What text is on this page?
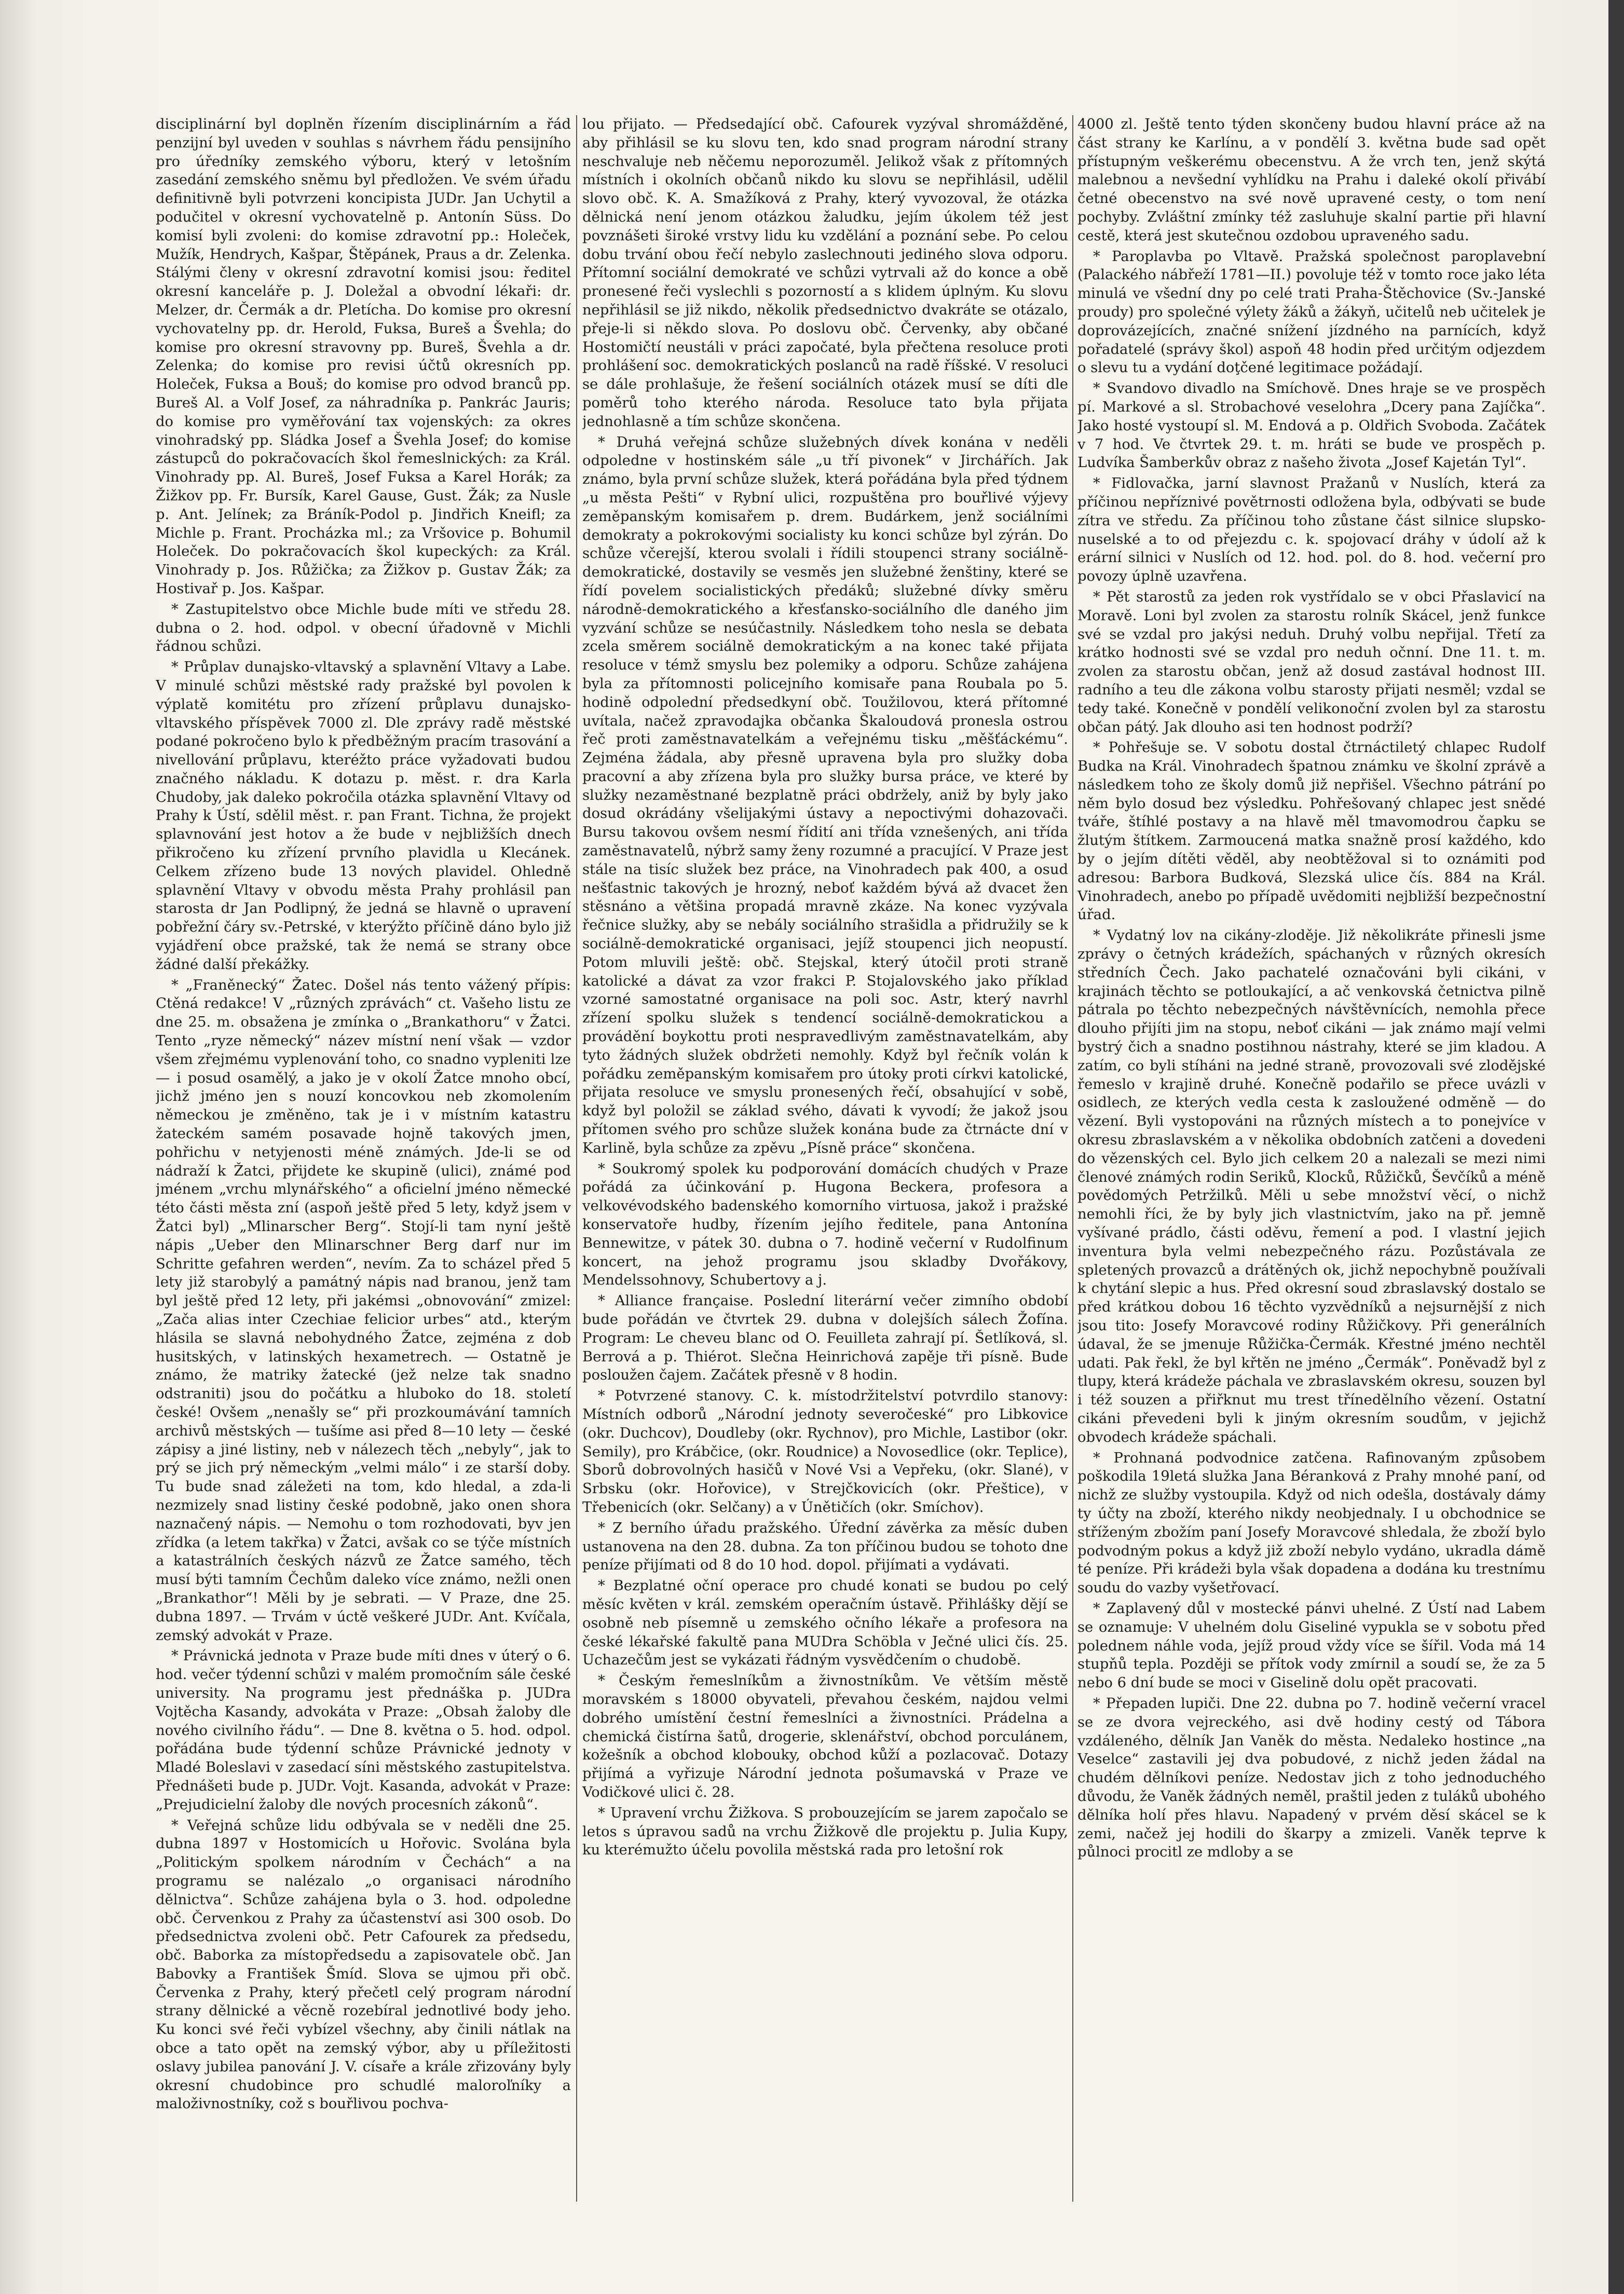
disciplinární byl doplněn řízením disciplinárním a řád penzijní byl uveden v souhlas s návrhem řádu pensijního pro úředníky zemského výboru, který v letošním zasedání zemského sněmu byl předložen. Ve svém úřadu definitivně byli potvrzeni koncipista JUDr. Jan Uchytil a podučitel v okresní vychovatelně p. Antonín Süss. Do komisí byli zvoleni: do komise zdravotní pp.: Holeček, Mužík, Hendrych, Kašpar, Štěpánek, Praus a dr. Zelenka. Stálými členy v okresní zdravotní komisi jsou: ředitel okresní kanceláře p. J. Doležal a obvodní lékaři: dr. Melzer, dr. Čermák a dr. Pletícha. Do komise pro okresní vychovatelny pp. dr. Herold, Fuksa, Bureš a Švehla; do komise pro okresní stravovny pp. Bureš, Švehla a dr. Zelenka; do komise pro revisi účtů okresních pp. Holeček, Fuksa a Bouš; do komise pro odvod branců pp. Bureš Al. a Volf Josef, za náhradníka p. Pankrác Jauris; do komise pro vyměřování tax vojenských: za okres vinohradský pp. Sládka Josef a Švehla Josef; do komise zástupců do pokračovacích škol řemeslnických: za Král. Vinohrady pp. Al. Bureš, Josef Fuksa a Karel Horák; za Žižkov pp. Fr. Bursík, Karel Gause, Gust. Žák; za Nusle p. Ant. Jelínek; za Bráník-Podol p. Jindřich Kneifl; za Michle p. Frant. Procházka ml.; za Vršovice p. Bohumil Holeček. Do pokračovacích škol kupeckých: za Král. Vinohrady p. Jos. Růžička; za Žižkov p. Gustav Žák; za Hostivař p. Jos. Kašpar.

* Zastupitelstvo obce Michle bude míti ve středu 28. dubna o 2. hod. odpol. v obecní úřadovně v Michli řádnou schůzi.

* Průplav dunajsko-vltavský a splavnění Vltavy a Labe. V minulé schůzi městské rady pražské byl povolen k výplatě komitétu pro zřízení průplavu dunajsko-vltavského příspěvek 7000 zl. Dle zprávy radě městské podané pokročeno bylo k předběžným pracím trasování a nivellování průplavu, kteréžto práce vyžadovati budou značného nákladu. K dotazu p. měst. r. dra Karla Chudoby, jak daleko pokročila otázka splavnění Vltavy od Prahy k Ústí, sdělil měst. r. pan Frant. Tichna, že projekt splavnování jest hotov a že bude v nejbližších dnech přikročeno ku zřízení prvního plavidla u Klecánek. Celkem zřízeno bude 13 nových plavidel. Ohledně splavnění Vltavy v obvodu města Prahy prohlásil pan starosta dr Jan Podlipný, že jedná se hlavně o upravení pobřežní čáry sv.-Petrské, v kterýžto příčině dáno bylo již vyjádření obce pražské, tak že nemá se strany obce žádné další překážky.

* „Franěnecký“ Žatec. Došel nás tento vážený přípis: Ctěná redakce! V „různých zprávách“ ct. Vašeho listu ze dne 25. m. obsažena je zmínka o „Brankathoru“ v Žatci. Tento „ryze německý“ název místní není však — vzdor všem zřejmému vyplenování toho, co snadno vypleniti lze — i posud osamělý, a jako je v okolí Žatce mnoho obcí, jichž jméno jen s nouzí koncovkou neb zkomolením německou je změněno, tak je i v místním katastru žateckém samém posavade hojně takových jmen, pohřichu v netyjenosti méně známých. Jde-li se od nádraží k Žatci, přijdete ke skupině (ulici), známé pod jménem „vrchu mlynářského“ a oficielní jméno německé této části města zní (aspoň ještě před 5 lety, když jsem v Žatci byl) „Mlinarscher Berg“. Stojí-li tam nyní ještě nápis „Ueber den Mlinarschner Berg darf nur im Schritte gefahren werden“, nevím. Za to scházel před 5 lety již starobylý a památný nápis nad branou, jenž tam byl ještě před 12 lety, při jakémsi „obnovování“ zmizel: „Zača alias inter Czechiae felicior urbes“ atd., kterým hlásila se slavná nebohydného Žatce, zejména z dob husitských, v latinských hexametrech. — Ostatně je známo, že matriky žatecké (jež nelze tak snadno odstraniti) jsou do počátku a hluboko do 18. století české! Ovšem „nenašly se“ při prozkoumávání tamních archivů městských — tušíme asi před 8—10 lety — české zápisy a jiné listiny, neb v nálezech těch „nebyly“, jak to prý se jich prý německým „velmi málo“ i ze starší doby. Tu bude snad záležeti na tom, kdo hledal, a zda-li nezmizely snad listiny české podobně, jako onen shora naznačený nápis. — Nemohu o tom rozhodovati, byv jen zřídka (a letem takřka) v Žatci, avšak co se týče místních a katastrálních českých názvů ze Žatce samého, těch musí býti tamním Čechům daleko více známo, nežli onen „Brankathor“! Měli by je sebrati. — V Praze, dne 25. dubna 1897. — Trvám v úctě veškeré JUDr. Ant. Kvíčala, zemský advokát v Praze.

* Právnická jednota v Praze bude míti dnes v úterý o 6. hod. večer týdenní schůzi v malém promočním sále české university. Na programu jest přednáška p. JUDra Vojtěcha Kasandy, advokáta v Praze: „Obsah žaloby dle nového civilního řádu“. — Dne 8. května o 5. hod. odpol. pořádána bude týdenní schůze Právnické jednoty v Mladé Boleslavi v zasedací síni městského zastupitelstva. Přednášeti bude p. JUDr. Vojt. Kasanda, advokát v Praze: „Prejudicielní žaloby dle nových procesních zákonů“.

* Veřejná schůze lidu odbývala se v neděli dne 25. dubna 1897 v Hostomicích u Hořovic. Svolána byla „Politickým spolkem národním v Čechách“ a na programu se nalézalo „o organisaci národního dělnictva“. Schůze zahájena byla o 3. hod. odpoledne obč. Červenkou z Prahy za účastenství asi 300 osob. Do předsednictva zvoleni obč. Petr Cafourek za předsedu, obč. Baborka za místopředsedu a zapisovatele obč. Jan Babovky a František Šmíd. Slova se ujmou při obč. Červenka z Prahy, který přečetl celý program národní strany dělnické a věcně rozebíral jednotlivé body jeho. Ku konci své řeči vybízel všechny, aby činili nátlak na obce a tato opět na zemský výbor, aby u příležitosti oslavy jubilea panování J. V. císaře a krále zřizovány byly okresní chudobince pro schudlé maloroľníky a maloživnostníky, což s bouřlivou pochva-

lou přijato. — Předsedající obč. Cafourek vyzýval shromážděné, aby přihlásil se ku slovu ten, kdo snad program národní strany neschvaluje neb něčemu neporozuměl. Jelikož však z přítomných místních i okolních občanů nikdo ku slovu se nepřihlásil, udělil slovo obč. K. A. Smažíková z Prahy, který vyvozoval, že otázka dělnická není jenom otázkou žaludku, jejím úkolem též jest povznášeti široké vrstvy lidu ku vzdělání a poznání sebe. Po celou dobu trvání obou řečí nebylo zaslechnouti jediného slova odporu. Přítomní sociální demokraté ve schůzi vytrvali až do konce a obě pronesené řeči vyslechli s pozorností a s klidem úplným. Ku slovu nepřihlásil se již nikdo, několik předsednictvo dvakráte se otázalo, přeje-li si někdo slova. Po doslovu obč. Červenky, aby občané Hostomičtí neustáli v práci započaté, byla přečtena resoluce proti prohlášení soc. demokratických poslanců na radě říšské. V resoluci se dále prohlašuje, že řešení sociálních otázek musí se díti dle poměrů toho kterého národa. Resoluce tato byla přijata jednohlasně a tím schůze skončena.

* Druhá veřejná schůze služebných dívek konána v neděli odpoledne v hostinském sále „u tří pivonek“ v Jirchářích. Jak známo, byla první schůze služek, která pořádána byla před týdnem „u města Pešti“ v Rybní ulici, rozpuštěna pro bouřlivé výjevy zeměpanským komisařem p. drem. Budárkem, jenž sociálními demokraty a pokrokovými socialisty ku konci schůze byl zýrán. Do schůze včerejší, kterou svolali i řídili stoupenci strany sociálně-demokratické, dostavily se vesměs jen služebné ženštiny, které se řídí povelem socialistických předáků; služebné dívky směru národně-demokratického a křesťansko-sociálního dle daného jim vyzvání schůze se nesúčastnily. Následkem toho nesla se debata zcela směrem sociálně demokratickým a na konec také přijata resoluce v témž smyslu bez polemiky a odporu. Schůze zahájena byla za přítomnosti policejního komisaře pana Roubala po 5. hodině odpolední předsedkyní obč. Toužilovou, která přítomné uvítala, načež zpravodajka občanka Škaloudová pronesla ostrou řeč proti zaměstnavatelkám a veřejnému tisku „měšťáckému“. Zejména žádala, aby přesně upravena byla pro služky doba pracovní a aby zřízena byla pro služky bursa práce, ve které by služky nezaměstnané bezplatně práci obdržely, aniž by byly jako dosud okrádány všelijakými ústavy a nepoctivými dohazovači. Bursu takovou ovšem nesmí řídití ani třída vznešených, ani třída zaměstnavatelů, nýbrž samy ženy rozumné a pracující. V Praze jest stále na tisíc služek bez práce, na Vinohradech pak 400, a osud nešťastnic takových je hrozný, neboť každém bývá až dvacet žen stěsnáno a většina propadá mravně zkáze. Na konec vyzývala řečnice služky, aby se nebály sociálního strašidla a přidružily se k sociálně-demokratické organisaci, jejíž stoupenci jich neopustí. Potom mluvili ještě: obč. Stejskal, který útočil proti straně katolické a dávat za vzor frakci P. Stojalovského jako příklad vzorné samostatné organisace na poli soc. Astr, který navrhl zřízení spolku služek s tendencí sociálně-demokratickou a provádění boykottu proti nespravedlivým zaměstnavatelkám, aby tyto žádných služek obdržeti nemohly. Když byl řečník volán k pořádku zeměpanským komisařem pro útoky proti církvi katolické, přijata resoluce ve smyslu pronesených řečí, obsahující v sobě, když byl položil se základ svého, dávati k vyvodí; že jakož jsou přítomen svého pro schůze služek konána bude za čtrnácte dní v Karlině, byla schůze za zpěvu „Písně práce“ skončena.

* Soukromý spolek ku podporování domácích chudých v Praze pořádá za účinkování p. Hugona Beckera, profesora a velkovévodského badenského komorního virtuosa, jakož i pražské konservatoře hudby, řízením jejího ředitele, pana Antonína Bennewitze, v pátek 30. dubna o 7. hodině večerní v Rudolfinum koncert, na jehož programu jsou skladby Dvořákovy, Mendelssohnovy, Schubertovy a j.

* Alliance française. Poslední literární večer zimního období bude pořádán ve čtvrtek 29. dubna v dolejších sálech Žofína. Program: Le cheveu blanc od O. Feuilleta zahrají pí. Šetlíková, sl. Berrová a p. Thiérot. Slečna Heinrichová zapěje tři písně. Bude posloužen čajem. Začátek přesně v 8 hodin.

* Potvrzené stanovy. C. k. místodržitelství potvrdilo stanovy: Místních odborů „Národní jednoty severočeské“ pro Libkovice (okr. Duchcov), Doudleby (okr. Rychnov), pro Michle, Lastibor (okr. Semily), pro Krábčice, (okr. Roudnice) a Novosedlice (okr. Teplice), Sborů dobrovolných hasičů v Nové Vsi a Vepřeku, (okr. Slané), v Srbsku (okr. Hořovice), v Strejčkovicích (okr. Přeštice), v Třebenicích (okr. Selčany) a v Únětičích (okr. Smíchov).

* Z berního úřadu pražského. Úřední závěrka za měsíc duben ustanovena na den 28. dubna. Za ton příčinou budou se tohoto dne peníze přijímati od 8 do 10 hod. dopol. přijímati a vydávati.

* Bezplatné oční operace pro chudé konati se budou po celý měsíc květen v král. zemském operačním ústavě. Přihlášky dějí se osobně neb písemně u zemského očního lékaře a profesora na české lékařské fakultě pana MUDra Schöbla v Ječné ulici čís. 25. Uchazečům jest se vykázati řádným vysvědčením o chudobě.

* Českým řemeslníkům a živnostníkům. Ve větším městě moravském s 18000 obyvateli, převahou českém, najdou velmi dobrého umístění čestní řemeslníci a živnostníci. Prádelna a chemická čistírna šatů, drogerie, sklenářství, obchod porculánem, kožešník a obchod klobouky, obchod kůží a pozlacovač. Dotazy přijímá a vyřizuje Národní jednota pošumavská v Praze ve Vodičkové ulici č. 28.

* Upravení vrchu Žižkova. S probouzejícím se jarem započalo se letos s úpravou sadů na vrchu Žižkově dle projektu p. Julia Kupy, ku kterémužto účelu povolila městská rada pro letošní rok

4000 zl. Ještě tento týden skončeny budou hlavní práce až na část strany ke Karlínu, a v pondělí 3. května bude sad opět přístupným veškerému obecenstvu. A že vrch ten, jenž skýtá malebnou a nevšední vyhlídku na Prahu i daleké okolí přivábí četné obecenstvo na své nově upravené cesty, o tom není pochyby. Zvláštní zmínky též zasluhuje skalní partie při hlavní cestě, která jest skutečnou ozdobou upraveného sadu.

* Paroplavba po Vltavě. Pražská společnost paroplavební (Palackého nábřeží 1781—II.) povoluje též v tomto roce jako léta minulá ve všední dny po celé trati Praha-Štěchovice (Sv.-Janské proudy) pro společné výlety žáků a žákyň, učitelů neb učitelek je doprovázejících, značné snížení jízdného na parnících, když pořadatelé (správy škol) aspoň 48 hodin před určitým odjezdem o slevu tu a vydání doţčené legitimace požádají.

* Svandovo divadlo na Smíchově. Dnes hraje se ve prospěch pí. Markové a sl. Strobachové veselohra „Dcery pana Zajíčka“. Jako hosté vystoupí sl. M. Endová a p. Oldřich Svoboda. Začátek v 7 hod. Ve čtvrtek 29. t. m. hráti se bude ve prospěch p. Ludvíka Šamberkův obraz z našeho života „Josef Kajetán Tyl“.

* Fidlovačka, jarní slavnost Pražanů v Nuslích, která za příčinou nepříznivé povětrnosti odložena byla, odbývati se bude zítra ve středu. Za příčinou toho zůstane část silnice slupsko-nuselské a to od přejezdu c. k. spojovací dráhy v údolí až k erární silnici v Nuslích od 12. hod. pol. do 8. hod. večerní pro povozy úplně uzavřena.

* Pět starostů za jeden rok vystřídalo se v obci Přaslavicí na Moravě. Loni byl zvolen za starostu rolník Skácel, jenž funkce své se vzdal pro jakýsi neduh. Druhý volbu nepřijal. Třetí za krátko hodnosti své se vzdal pro neduh očnní. Dne 11. t. m. zvolen za starostu občan, jenž až dosud zastával hodnost III. radního a teu dle zákona volbu starosty přijati nesměl; vzdal se tedy také. Konečně v pondělí velikonoční zvolen byl za starostu občan pátý. Jak dlouho asi ten hodnost podrží?

* Pohřešuje se. V sobotu dostal čtrnáctiletý chlapec Rudolf Budka na Král. Vinohradech špatnou známku ve školní zprávě a následkem toho ze školy domů již nepřišel. Všechno pátrání po něm bylo dosud bez výsledku. Pohřešovaný chlapec jest snědé tváře, štíhlé postavy a na hlavě měl tmavomodrou čapku se žlutým štítkem. Zarmoucená matka snažně prosí každého, kdo by o jejím dítěti věděl, aby neobtěžoval si to oznámiti pod adresou: Barbora Budková, Slezská ulice čís. 884 na Král. Vinohradech, anebo po případě uvědomiti nejbližší bezpečnostní úřad.

* Vydatný lov na cikány-zloděje. Již několikráte přinesli jsme zprávy o četných krádežích, spáchaných v různých okresích středních Čech. Jako pachatelé označováni byli cikáni, v krajinách těchto se potloukající, a ač venkovská četnictva pilně pátrala po těchto nebezpečných návštěvnících, nemohla přece dlouho přijíti jim na stopu, neboť cikáni — jak známo mají velmi bystrý čich a snadno postihnou nástrahy, které se jim kladou. A zatím, co byli stíháni na jedné straně, provozovali své zlodějské řemeslo v krajině druhé. Konečně podařilo se přece uvázli v osidlech, ze kterých vedla cesta k zasloužené odměně — do vězení. Byli vystopováni na různých místech a to ponejvíce v okresu zbraslavském a v několika obdobních zatčeni a dovedeni do vězenských cel. Bylo jich celkem 20 a nalezali se mezi nimi členové známých rodin Seriků, Klocků, Růžičků, Ševčíků a méně povědomých Petržilků. Měli u sebe množství věcí, o nichž nemohli říci, že by byly jich vlastnictvím, jako na př. jemně vyšívané prádlo, části oděvu, řemení a pod. I vlastní jejich inventura byla velmi nebezpečného rázu. Pozůstávala ze spletených provazců a drátěných ok, jichž nepochybně používali k chytání slepic a hus. Před okresní soud zbraslavský dostalo se před krátkou dobou 16 těchto vyzvědníků a nejsurnější z nich jsou tito: Josefy Moravcové rodiny Růžičkovy. Při generálních údaval, že se jmenuje Růžička-Čermák. Křestné jméno nechtěl udati. Pak řekl, že byl křtěn ne jméno „Čermák“. Poněvadž byl z tlupy, která krádeže páchala ve zbraslavském okresu, souzen byl i též souzen a přiřknut mu trest třínedělního vězení. Ostatní cikáni převedeni byli k jiným okresním soudům, v jejichž obvodech krádeže spáchali.

* Prohnaná podvodnice zatčena. Rafinovaným způsobem poškodila 19letá služka Jana Béranková z Prahy mnohé paní, od nichž ze služby vystoupila. Když od nich odešla, dostávaly dámy ty účty na zboží, kterého nikdy neobjednaly. I u obchodnice se stříženým zbožím paní Josefy Moravcové shledala, že zboží bylo podvodným pokus a když již zboží nebylo vydáno, ukradla dámě té peníze. Při krádeži byla však dopadena a dodána ku trestnímu soudu do vazby vyšetřovací.

* Zaplavený důl v mostecké pánvi uhelné. Z Ústí nad Labem se oznamuje: V uhelném dolu Giseliné vypukla se v sobotu před polednem náhle voda, jejíž proud vždy více se šířil. Voda má 14 stupňů tepla. Později se přítok vody zmírnil a soudí se, že za 5 nebo 6 dní bude se moci v Giselině dolu opět pracovati.

* Přepaden lupiči. Dne 22. dubna po 7. hodině večerní vracel se ze dvora vejreckého, asi dvě hodiny cestý od Tábora vzdáleného, dělník Jan Vaněk do města. Nedaleko hostince „na Veselce“ zastavili jej dva pobudové, z nichž jeden žádal na chudém dělníkovi peníze. Nedostav jich z toho jednoduchého důvodu, že Vaněk žádných neměl, praštil jeden z tuláků ubohého dělníka holí přes hlavu. Napadený v prvém děsí skácel se k zemi, načež jej hodili do škarpy a zmizeli. Vaněk teprve k půlnoci procitl ze mdloby a se
